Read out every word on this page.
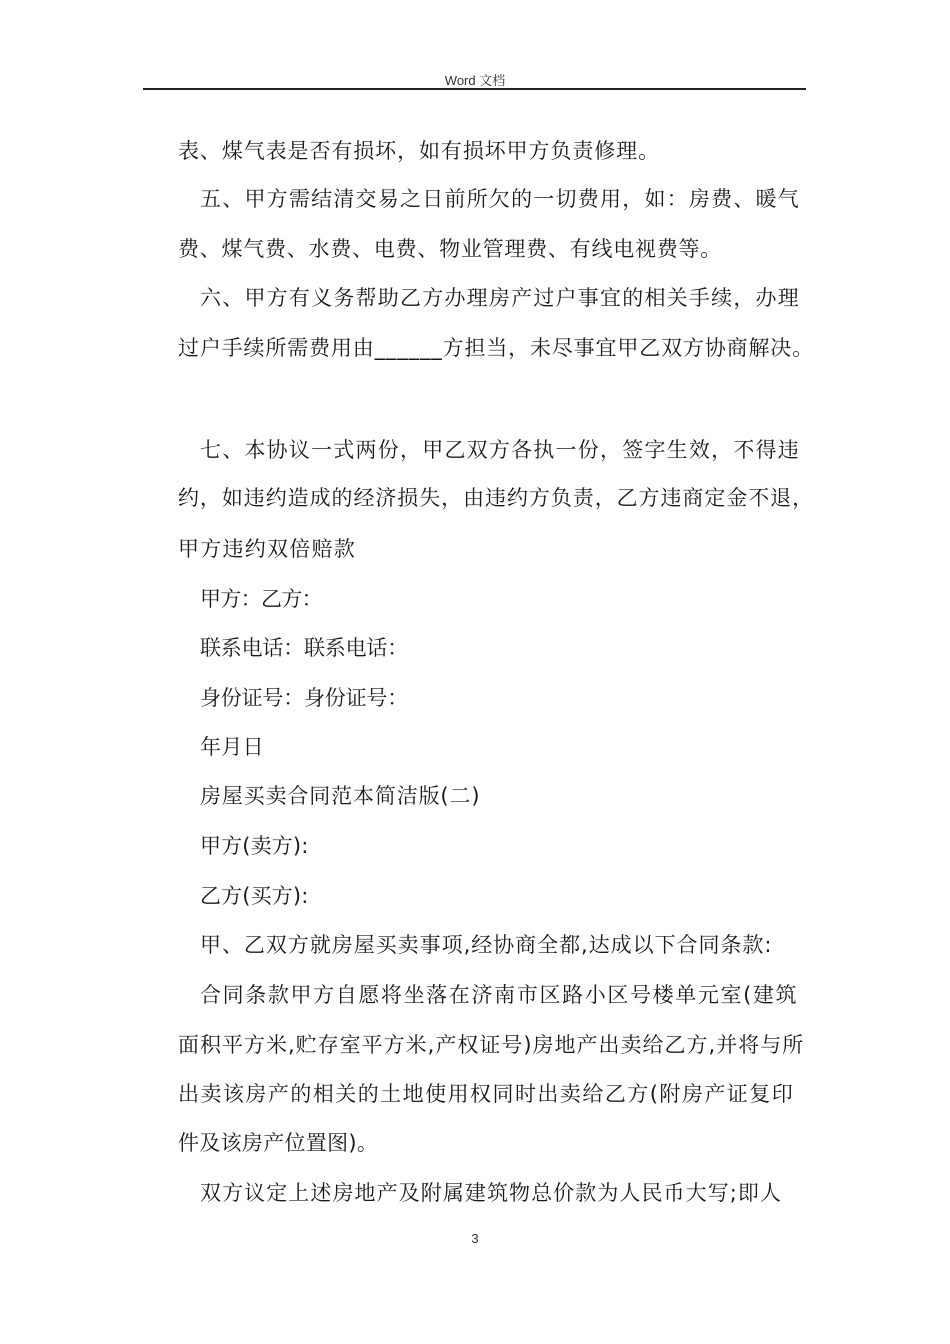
Word 文档
表、煤气表是否有损坏，如有损坏甲方负责修理。
五、甲方需结清交易之日前所欠的一切费用，如：房费、暖气
费、煤气费、水费、电费、物业管理费、有线电视费等。
六、甲方有义务帮助乙方办理房产过户事宜的相关手续，办理
过户手续所需费用由______方担当，未尽事宜甲乙双方协商解决。
七、本协议一式两份，甲乙双方各执一份，签字生效，不得违
约，如违约造成的经济损失，由违约方负责，乙方违商定金不退，
甲方违约双倍赔款
甲方：乙方：
联系电话：联系电话：
身份证号：身份证号：
年月日
房屋买卖合同范本简洁版(二)
甲方(卖方):
乙方(买方):
甲、乙双方就房屋买卖事项,经协商全都,达成以下合同条款:
合同条款甲方自愿将坐落在济南市区路小区号楼单元室(建筑
面积平方米,贮存室平方米,产权证号)房地产出卖给乙方,并将与所
出卖该房产的相关的土地使用权同时出卖给乙方(附房产证复印
件及该房产位置图)。
双方议定上述房地产及附属建筑物总价款为人民币大写;即人
3
